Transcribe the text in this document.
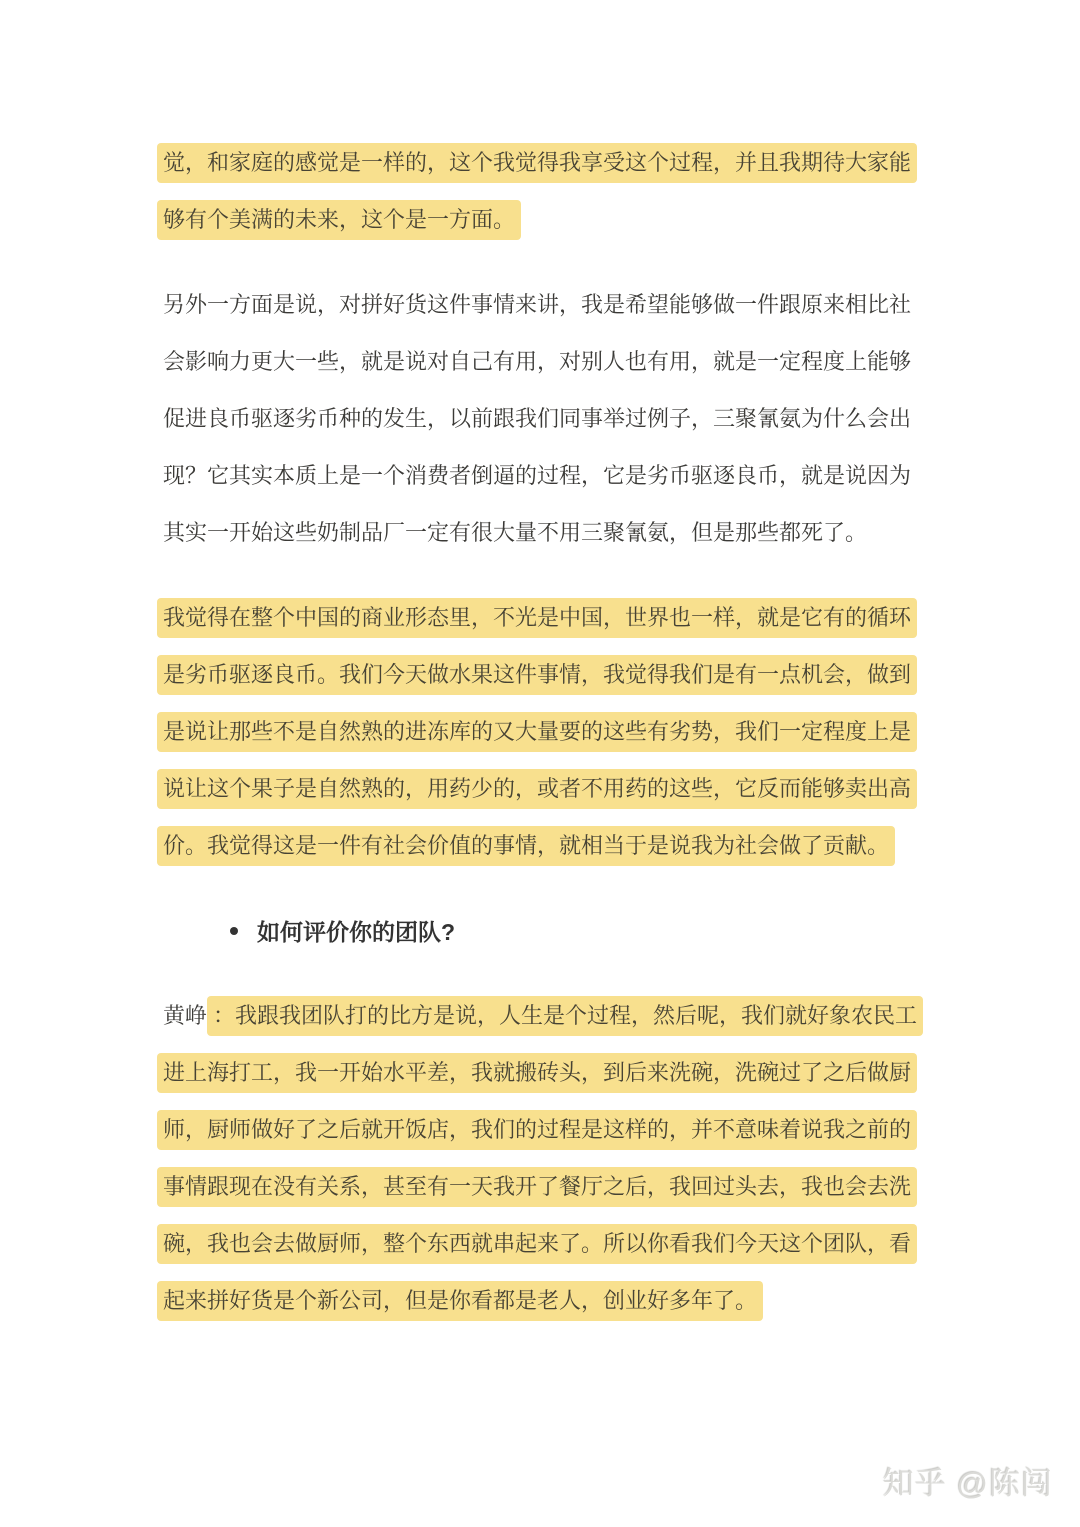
觉，和家庭的感觉是一样的，这个我觉得我享受这个过程，并且我期待大家能
够有个美满的未来，这个是一方面。
另外一方面是说，对拼好货这件事情来讲，我是希望能够做一件跟原来相比社
会影响力更大一些，就是说对自己有用，对别人也有用，就是一定程度上能够
促进良币驱逐劣币种的发生，以前跟我们同事举过例子，三聚氰氨为什么会出
现？它其实本质上是一个消费者倒逼的过程，它是劣币驱逐良币，就是说因为
其实一开始这些奶制品厂一定有很大量不用三聚氰氨，但是那些都死了。
我觉得在整个中国的商业形态里，不光是中国，世界也一样，就是它有的循环
是劣币驱逐良币。我们今天做水果这件事情，我觉得我们是有一点机会，做到
是说让那些不是自然熟的进冻库的又大量要的这些有劣势，我们一定程度上是
说让这个果子是自然熟的，用药少的，或者不用药的这些，它反而能够卖出高
价。我觉得这是一件有社会价值的事情，就相当于是说我为社会做了贡献。
如何评价你的团队?
黄峥 ：我跟我团队打的比方是说，人生是个过程，然后呢，我们就好象农民工
进上海打工，我一开始水平差，我就搬砖头，到后来洗碗，洗碗过了之后做厨
师，厨师做好了之后就开饭店，我们的过程是这样的，并不意味着说我之前的
事情跟现在没有关系，甚至有一天我开了餐厅之后，我回过头去，我也会去洗
碗，我也会去做厨师，整个东西就串起来了。所以你看我们今天这个团队，看
起来拼好货是个新公司，但是你看都是老人，创业好多年了。
知乎 @陈闯
